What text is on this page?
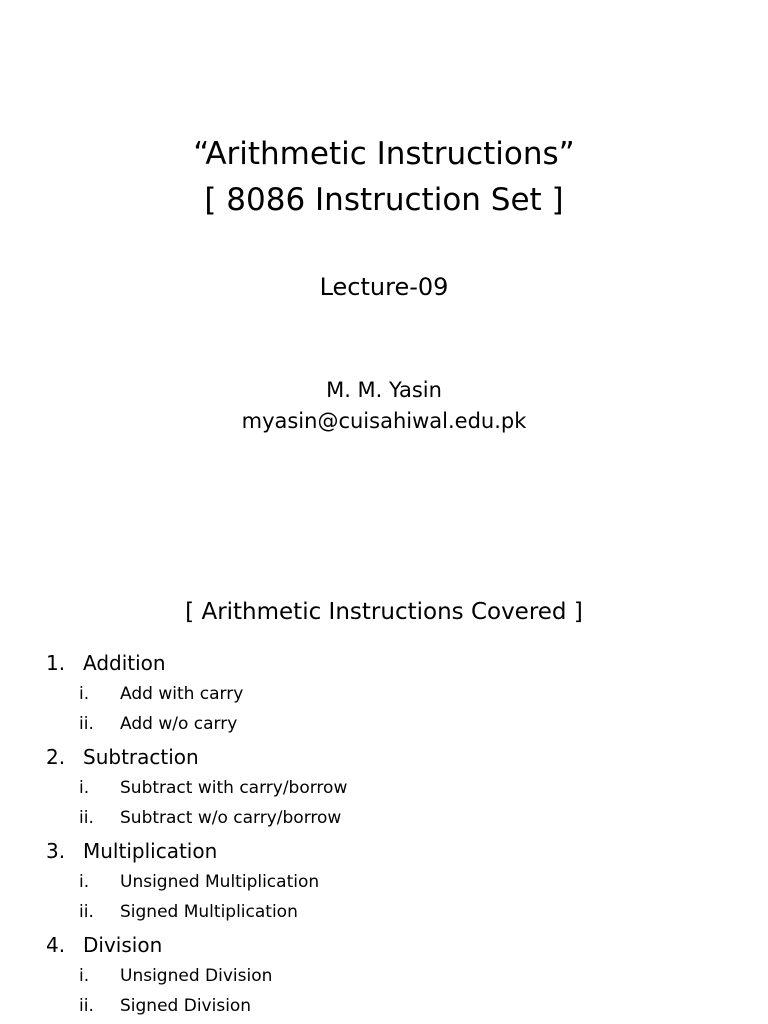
“Arithmetic Instructions”
[ 8086 Instruction Set ]
Lecture-09
M. M. Yasin
myasin@cuisahiwal.edu.pk
[ Arithmetic Instructions Covered ]
1. Addition
i. Add with carry
ii. Add w/o carry
2. Subtraction
i. Subtract with carry/borrow
ii. Subtract w/o carry/borrow
3. Multiplication
i. Unsigned Multiplication
ii. Signed Multiplication
4. Division
i. Unsigned Division
ii. Signed Division
